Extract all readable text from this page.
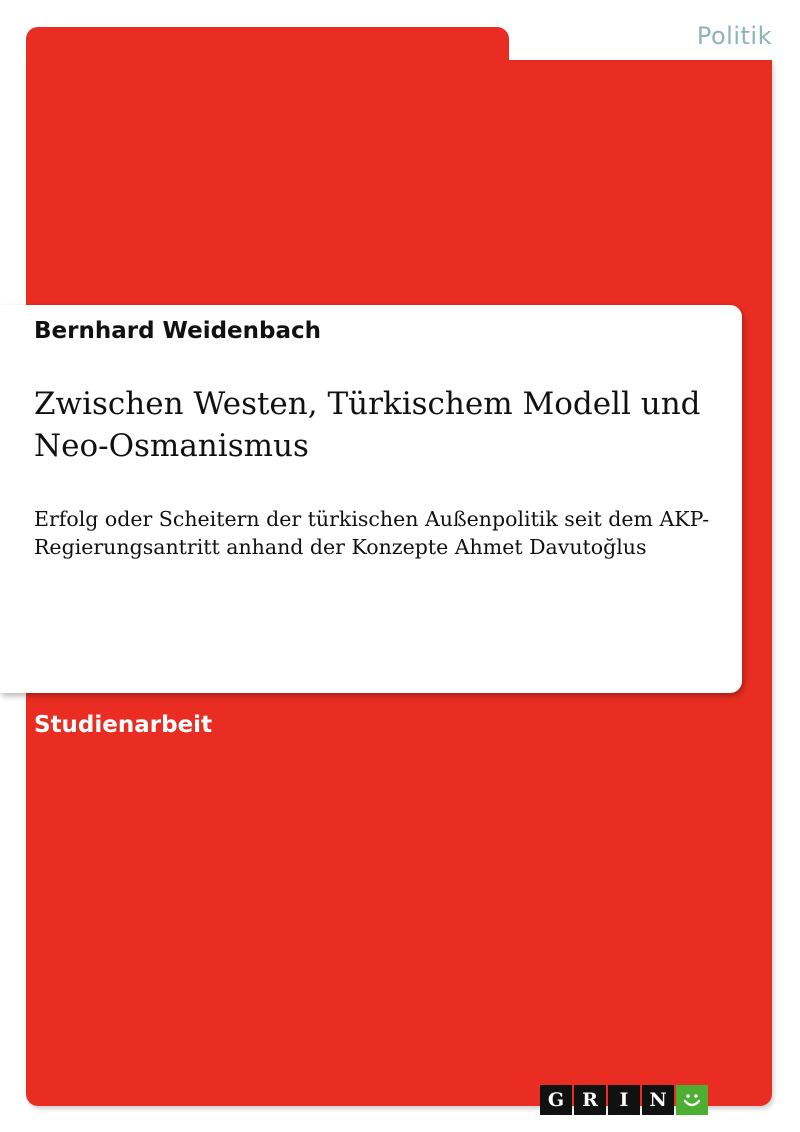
Politik
Bernhard Weidenbach
Zwischen Westen, Türkischem Modell und Neo-Osmanismus

Erfolg oder Scheitern der türkischen Außenpolitik seit dem AKP-Regierungsantritt anhand der Konzepte Ahmet Davutoğlus

Studienarbeit
G R	I	N
